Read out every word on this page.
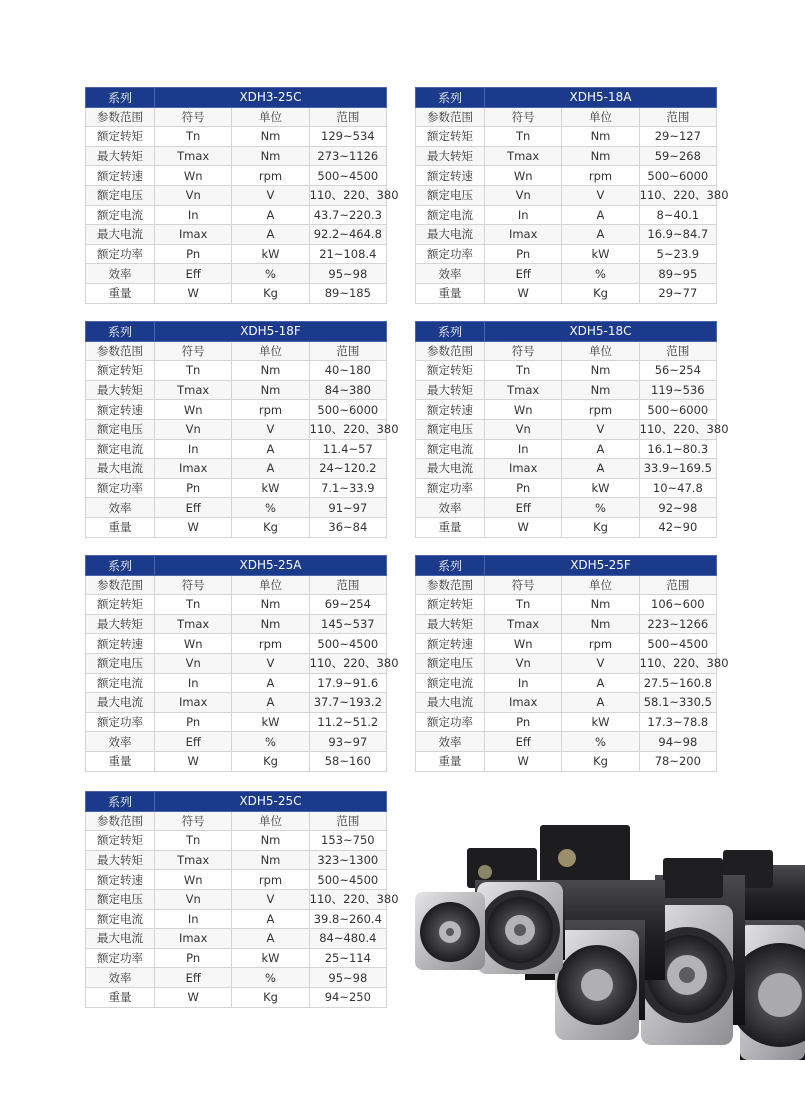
系列	XDH3-25C		
参数范围	符号	单位	范围
额定转矩	Tn	Nm	129~534
最大转矩	Tmax	Nm	273~1126
额定转速	Wn	rpm	500~4500
额定电压	Vn	V	110、220、380
额定电流	In	A	43.7~220.3
最大电流	Imax	A	92.2~464.8
额定功率	Pn	kW	21~108.4
效率	Eff	%	95~98
重量	W	Kg	89~185
系列	XDH5-18A		
参数范围	符号	单位	范围
额定转矩	Tn	Nm	29~127
最大转矩	Tmax	Nm	59~268
额定转速	Wn	rpm	500~6000
额定电压	Vn	V	110、220、380
额定电流	In	A	8~40.1
最大电流	Imax	A	16.9~84.7
额定功率	Pn	kW	5~23.9
效率	Eff	%	89~95
重量	W	Kg	29~77
系列	XDH5-18F		
参数范围	符号	单位	范围
额定转矩	Tn	Nm	40~180
最大转矩	Tmax	Nm	84~380
额定转速	Wn	rpm	500~6000
额定电压	Vn	V	110、220、380
额定电流	In	A	11.4~57
最大电流	Imax	A	24~120.2
额定功率	Pn	kW	7.1~33.9
效率	Eff	%	91~97
重量	W	Kg	36~84
系列	XDH5-18C		
参数范围	符号	单位	范围
额定转矩	Tn	Nm	56~254
最大转矩	Tmax	Nm	119~536
额定转速	Wn	rpm	500~6000
额定电压	Vn	V	110、220、380
额定电流	In	A	16.1~80.3
最大电流	Imax	A	33.9~169.5
额定功率	Pn	kW	10~47.8
效率	Eff	%	92~98
重量	W	Kg	42~90
系列	XDH5-25A		
参数范围	符号	单位	范围
额定转矩	Tn	Nm	69~254
最大转矩	Tmax	Nm	145~537
额定转速	Wn	rpm	500~4500
额定电压	Vn	V	110、220、380
额定电流	In	A	17.9~91.6
最大电流	Imax	A	37.7~193.2
额定功率	Pn	kW	11.2~51.2
效率	Eff	%	93~97
重量	W	Kg	58~160
系列	XDH5-25F		
参数范围	符号	单位	范围
额定转矩	Tn	Nm	106~600
最大转矩	Tmax	Nm	223~1266
额定转速	Wn	rpm	500~4500
额定电压	Vn	V	110、220、380
额定电流	In	A	27.5~160.8
最大电流	Imax	A	58.1~330.5
额定功率	Pn	kW	17.3~78.8
效率	Eff	%	94~98
重量	W	Kg	78~200
系列	XDH5-25C		
参数范围	符号	单位	范围
额定转矩	Tn	Nm	153~750
最大转矩	Tmax	Nm	323~1300
额定转速	Wn	rpm	500~4500
额定电压	Vn	V	110、220、380
额定电流	In	A	39.8~260.4
最大电流	Imax	A	84~480.4
额定功率	Pn	kW	25~114
效率	Eff	%	95~98
重量	W	Kg	94~250
